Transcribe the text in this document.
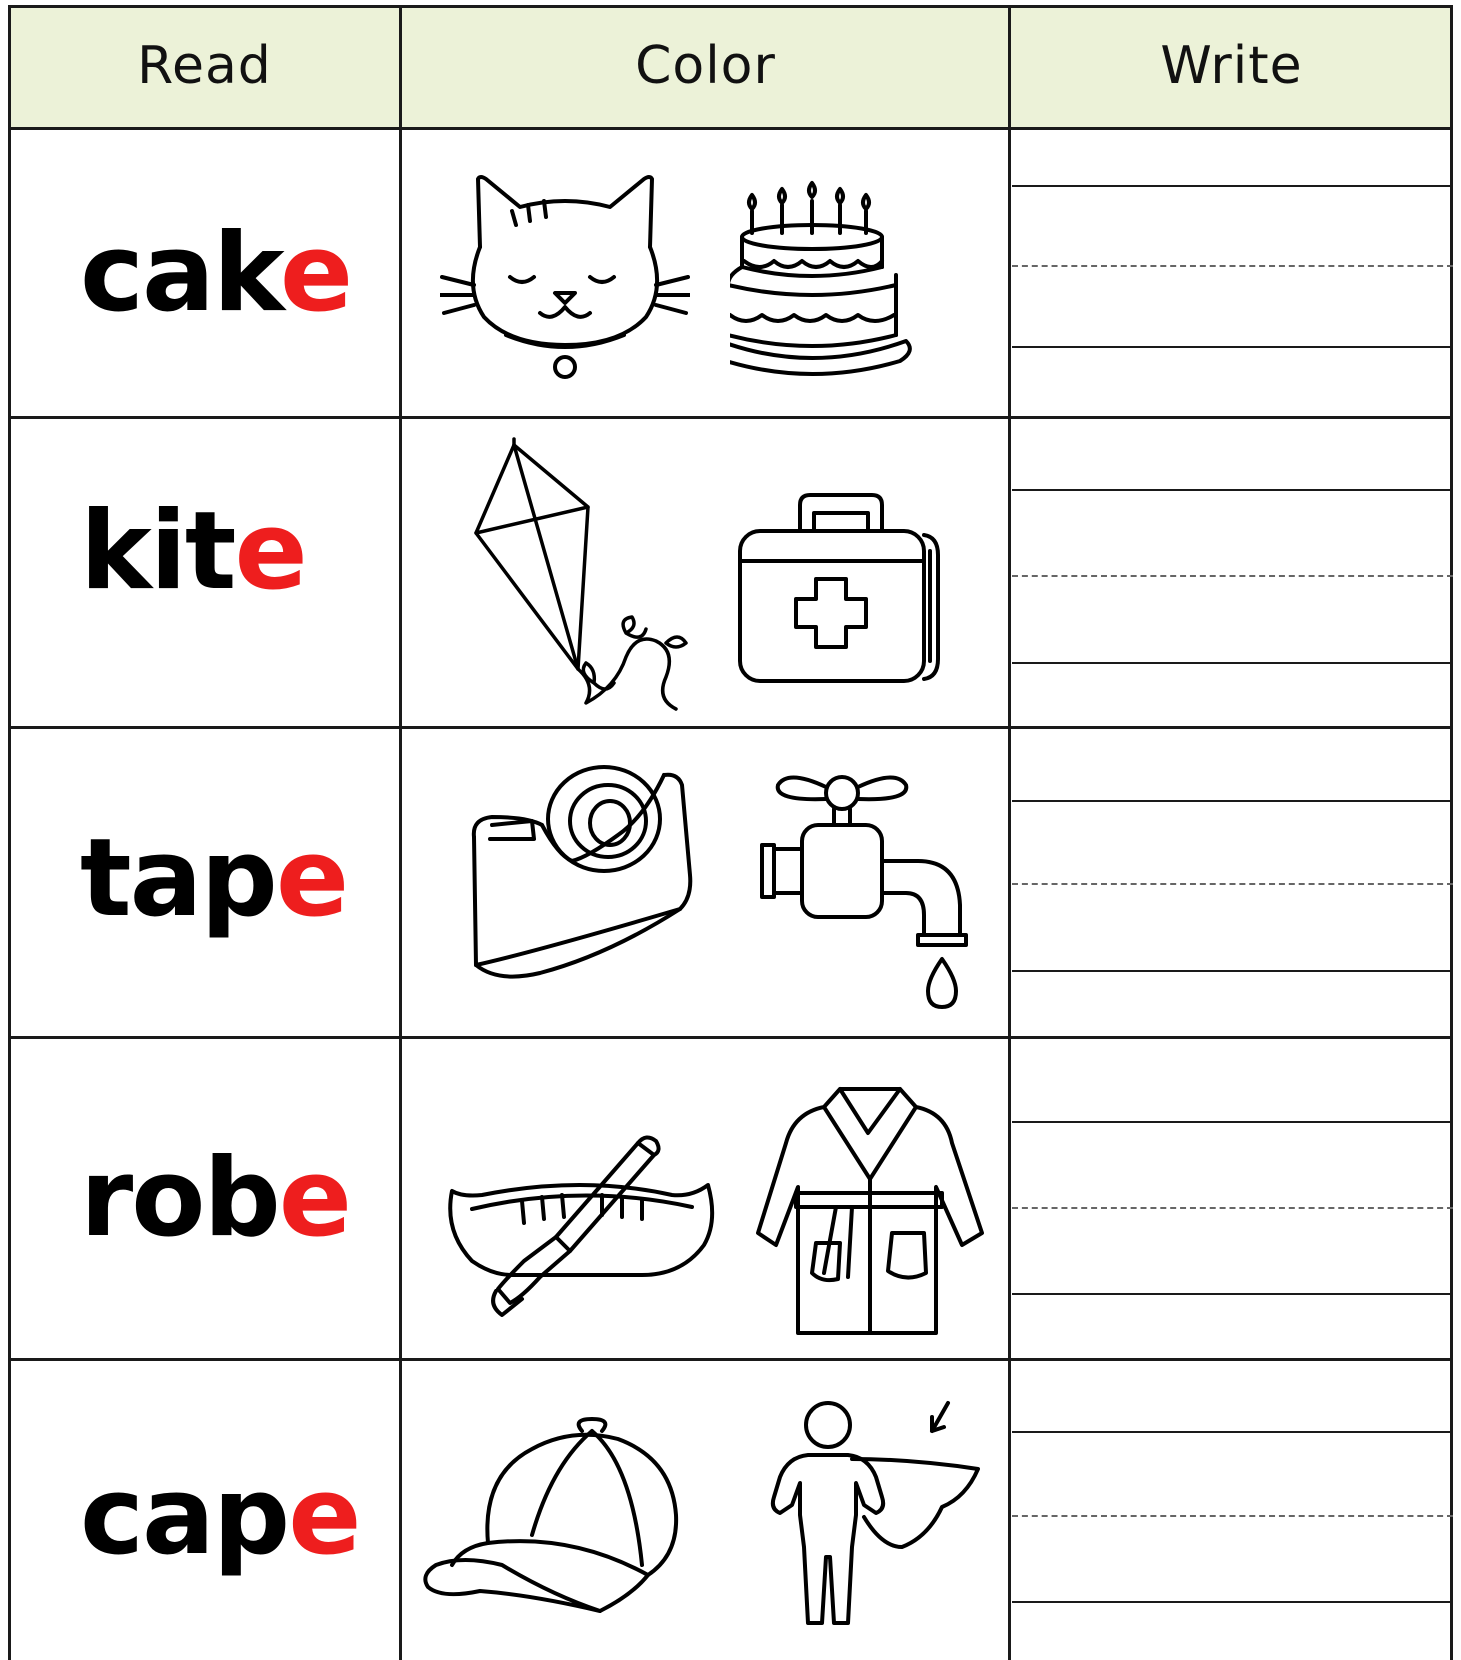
Read	Color	Write
cake
kite
tape
robe
cape
